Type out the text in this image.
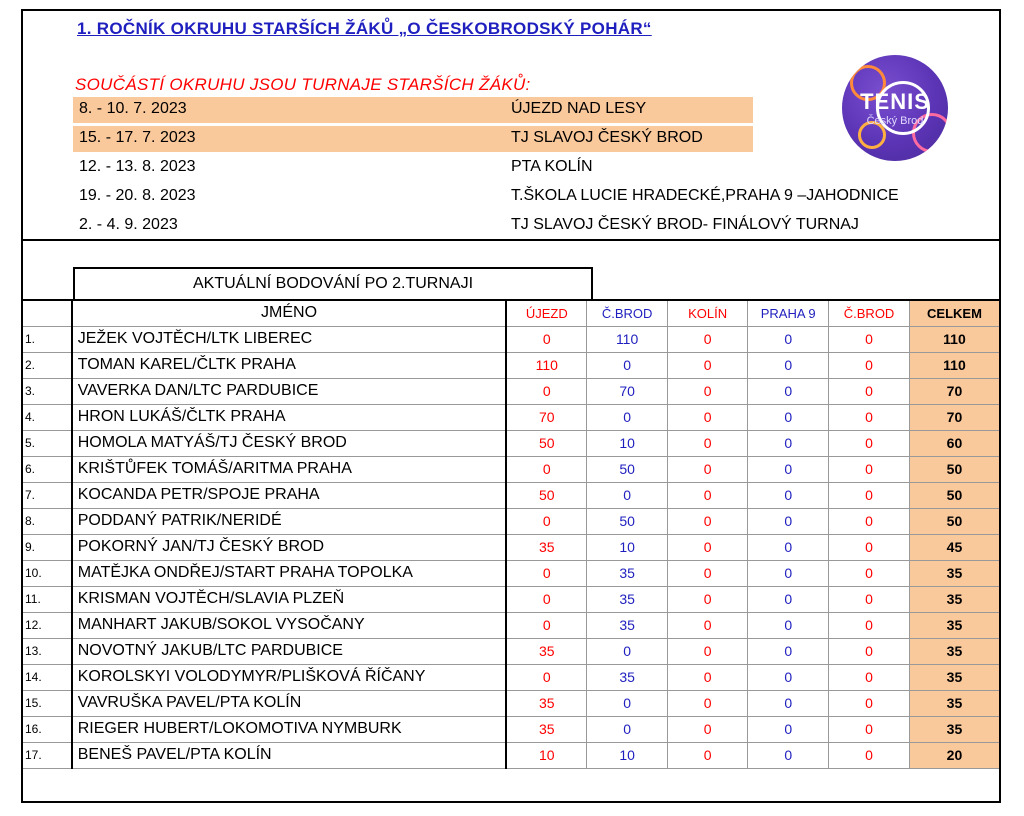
1. ROČNÍK OKRUHU STARŠÍCH ŽÁKŮ „O ČESKOBRODSKÝ POHÁR“
SOUČÁSTÍ OKRUHU JSOU TURNAJE STARŠÍCH ŽÁKŮ:
8. - 10. 7. 2023	ÚJEZD NAD LESY
15. - 17. 7. 2023	TJ SLAVOJ ČESKÝ BROD
12. - 13. 8. 2023	PTA KOLÍN
19. - 20. 8. 2023	T.ŠKOLA LUCIE HRADECKÉ,PRAHA 9 –JAHODNICE
2. - 4. 9. 2023	TJ SLAVOJ ČESKÝ BROD- FINÁLOVÝ TURNAJ
TENIS
Český Brod
AKTUÁLNÍ BODOVÁNÍ PO 2.TURNAJI
	JMÉNO	ÚJEZD	Č.BROD	KOLÍN	PRAHA 9	Č.BROD	CELKEM
1.	JEŽEK VOJTĚCH/LTK LIBEREC	0	110	0	0	0	110
2.	TOMAN KAREL/ČLTK PRAHA	110	0	0	0	0	110
3.	VAVERKA DAN/LTC PARDUBICE	0	70	0	0	0	70
4.	HRON LUKÁŠ/ČLTK PRAHA	70	0	0	0	0	70
5.	HOMOLA MATYÁŠ/TJ ČESKÝ BROD	50	10	0	0	0	60
6.	KRIŠTŮFEK TOMÁŠ/ARITMA PRAHA	0	50	0	0	0	50
7.	KOCANDA PETR/SPOJE PRAHA	50	0	0	0	0	50
8.	PODDANÝ PATRIK/NERIDÉ	0	50	0	0	0	50
9.	POKORNÝ JAN/TJ ČESKÝ BROD	35	10	0	0	0	45
10.	MATĚJKA ONDŘEJ/START PRAHA TOPOLKA	0	35	0	0	0	35
11.	KRISMAN VOJTĚCH/SLAVIA PLZEŇ	0	35	0	0	0	35
12.	MANHART JAKUB/SOKOL VYSOČANY	0	35	0	0	0	35
13.	NOVOTNÝ JAKUB/LTC PARDUBICE	35	0	0	0	0	35
14.	KOROLSKYI VOLODYMYR/PLIŠKOVÁ ŘÍČANY	0	35	0	0	0	35
15.	VAVRUŠKA PAVEL/PTA KOLÍN	35	0	0	0	0	35
16.	RIEGER HUBERT/LOKOMOTIVA NYMBURK	35	0	0	0	0	35
17.	BENEŠ PAVEL/PTA KOLÍN	10	10	0	0	0	20
